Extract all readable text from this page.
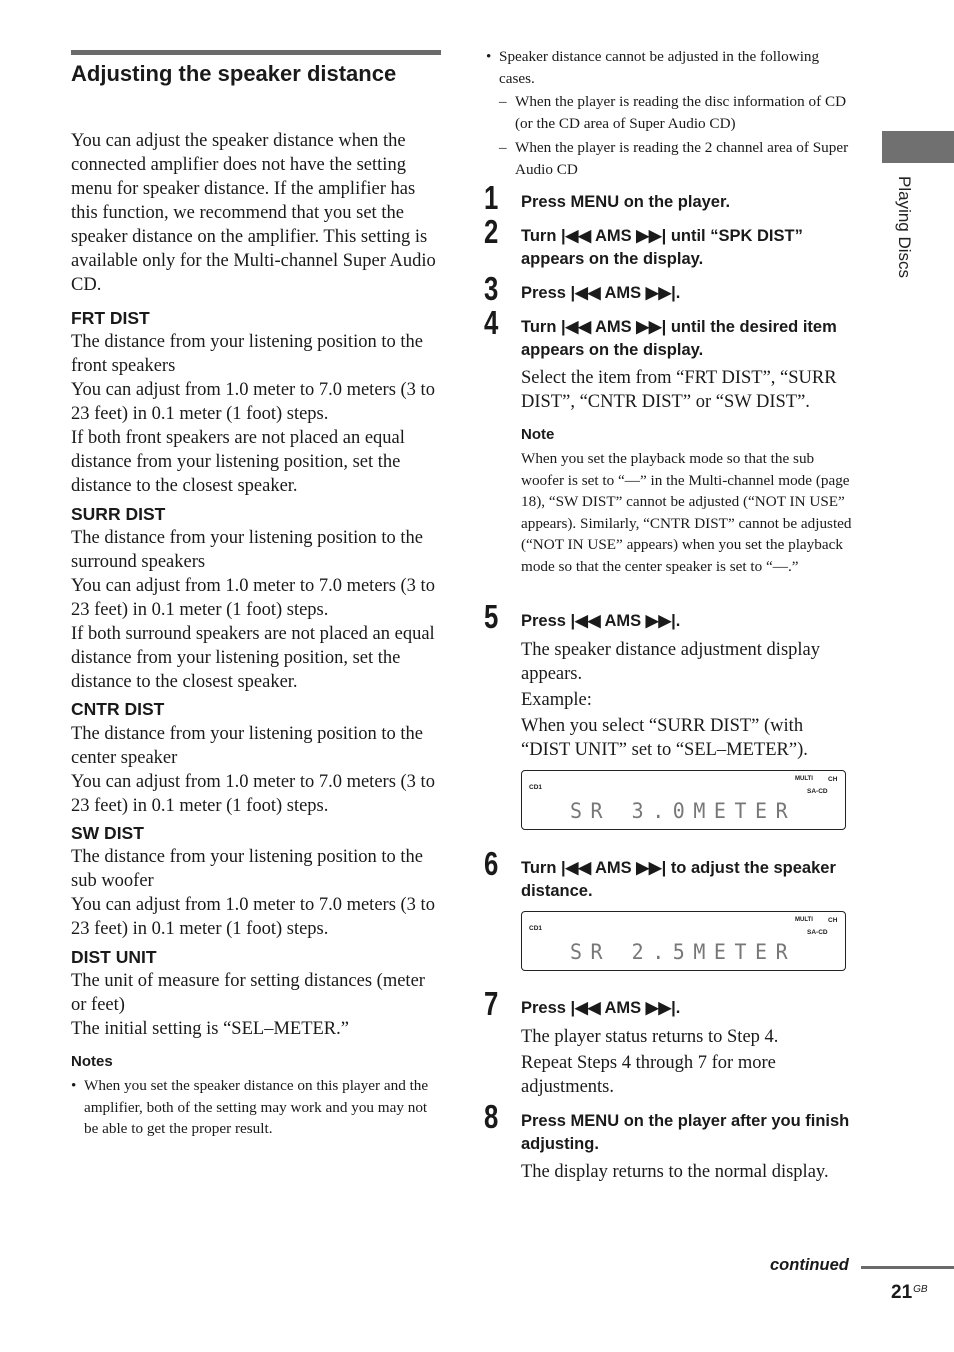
Adjusting the speaker distance

You can adjust the speaker distance when the connected amplifier does not have the setting menu for speaker distance. If the amplifier has this function, we recommend that you set the speaker distance on the amplifier. This setting is available only for the Multi-channel Super Audio CD.

FRT DIST

The distance from your listening position to the front speakers

You can adjust from 1.0 meter to 7.0 meters (3 to 23 feet) in 0.1 meter (1 foot) steps.

If both front speakers are not placed an equal distance from your listening position, set the distance to the closest speaker.

SURR DIST

The distance from your listening position to the surround speakers

You can adjust from 1.0 meter to 7.0 meters (3 to 23 feet) in 0.1 meter (1 foot) steps.

If both surround speakers are not placed an equal distance from your listening position, set the distance to the closest speaker.

CNTR DIST

The distance from your listening position to the center speaker

You can adjust from 1.0 meter to 7.0 meters (3 to 23 feet) in 0.1 meter (1 foot) steps.

SW DIST

The distance from your listening position to the sub woofer

You can adjust from 1.0 meter to 7.0 meters (3 to 23 feet) in 0.1 meter (1 foot) steps.

DIST UNIT

The unit of measure for setting distances (meter or feet)

The initial setting is “SEL–METER.”

Notes
• When you set the speaker distance on this player and the amplifier, both of the setting may work and you may not be able to get the proper result.

• Speaker distance cannot be adjusted in the following cases.

– When the player is reading the disc information of CD (or the CD area of Super Audio CD)

– When the player is reading the 2 channel area of Super Audio CD

1 Press MENU on the player.

2 Turn |◀◀ AMS ▶▶| until “SPK DIST” appears on the display.

3 Press |◀◀ AMS ▶▶|.

4 Turn |◀◀ AMS ▶▶| until the desired item appears on the display.

Select the item from “FRT DIST”, “SURR DIST”, “CNTR DIST” or “SW DIST”.

Note

When you set the playback mode so that the sub woofer is set to “—” in the Multi-channel mode (page 18), “SW DIST” cannot be adjusted (“NOT IN USE” appears). Similarly, “CNTR DIST” cannot be adjusted (“NOT IN USE” appears) when you set the playback mode so that the center speaker is set to “—.”

5 Press |◀◀ AMS ▶▶|.

The speaker distance adjustment display appears.

Example:

When you select “SURR DIST” (with “DIST UNIT” set to “SEL–METER”).

CD1
MULTI CH
SA-CD
SR 3.0METER
6 Turn |◀◀ AMS ▶▶| to adjust the speaker distance.

CD1
MULTI CH
SA-CD
SR 2.5METER
7 Press |◀◀ AMS ▶▶|.

The player status returns to Step 4.

Repeat Steps 4 through 7 for more adjustments.

8 Press MENU on the player after you finish adjusting.

The display returns to the normal display.

Playing Discs
continued
$21^{GB}$
